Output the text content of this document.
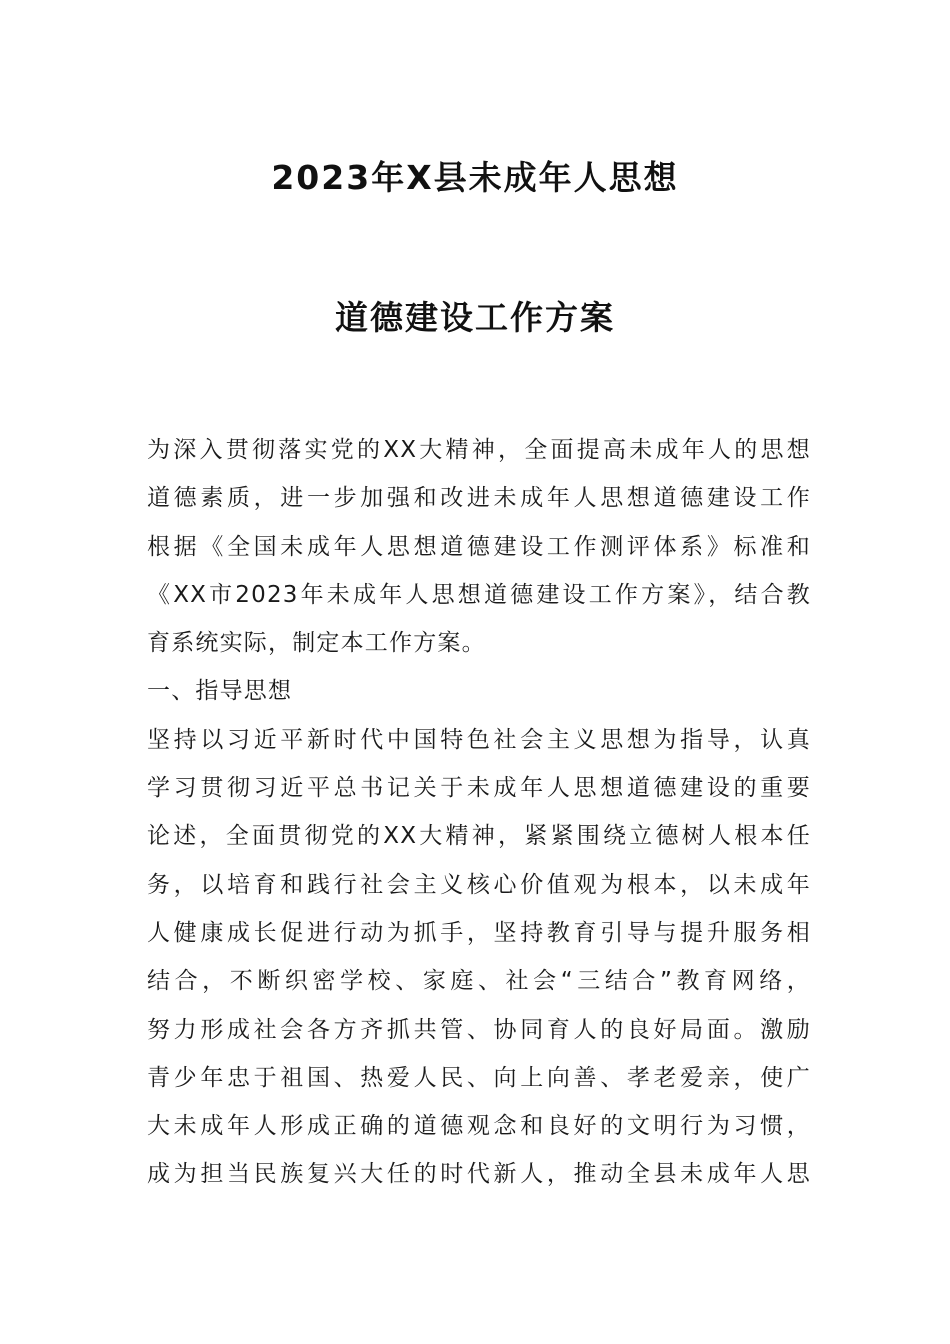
2023年X县未成年人思想
道德建设工作方案
为深入贯彻落实党的XX大精神，全面提高未成年人的思想
道德素质，进一步加强和改进未成年人思想道德建设工作
根据《全国未成年人思想道德建设工作测评体系》标准和
《XX市2023年未成年人思想道德建设工作方案》，结合教
育系统实际，制定本工作方案。
一、指导思想
坚持以习近平新时代中国特色社会主义思想为指导，认真
学习贯彻习近平总书记关于未成年人思想道德建设的重要
论述，全面贯彻党的XX大精神，紧紧围绕立德树人根本任
务，以培育和践行社会主义核心价值观为根本，以未成年
人健康成长促进行动为抓手，坚持教育引导与提升服务相
结合，不断织密学校、家庭、社会“三结合”教育网络，
努力形成社会各方齐抓共管、协同育人的良好局面。激励
青少年忠于祖国、热爱人民、向上向善、孝老爱亲，使广
大未成年人形成正确的道德观念和良好的文明行为习惯，
成为担当民族复兴大任的时代新人，推动全县未成年人思
